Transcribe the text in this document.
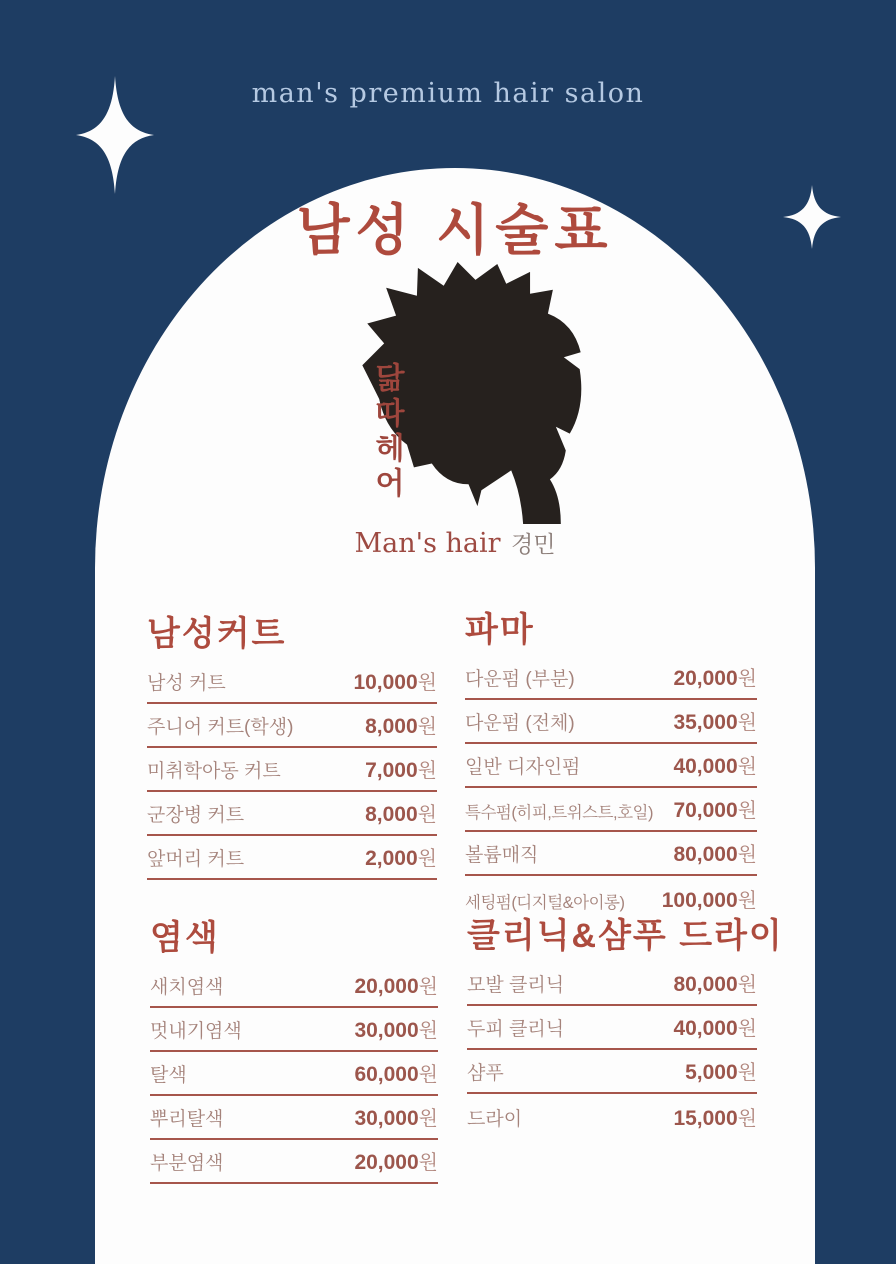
man's premium hair salon
남성 시술표
닮따헤어
Man's hair 경민
남성커트
남성 커트	10,000원
주니어 커트(학생)	8,000원
미취학아동 커트	7,000원
군장병 커트	8,000원
앞머리 커트	2,000원
파마
다운펌 (부분)	20,000원
다운펌 (전체)	35,000원
일반 디자인펌	40,000원
특수펌(히피,트위스트,호일) 70,000원
볼륨매직	80,000원
세팅펌(디지털&아이롱) 100,000원
염색
새치염색	20,000원
멋내기염색	30,000원
탈색	60,000원
뿌리탈색	30,000원
부분염색	20,000원
클리닉&샴푸 드라이
모발 클리닉	80,000원
두피 클리닉	40,000원
샴푸	5,000원
드라이	15,000원
